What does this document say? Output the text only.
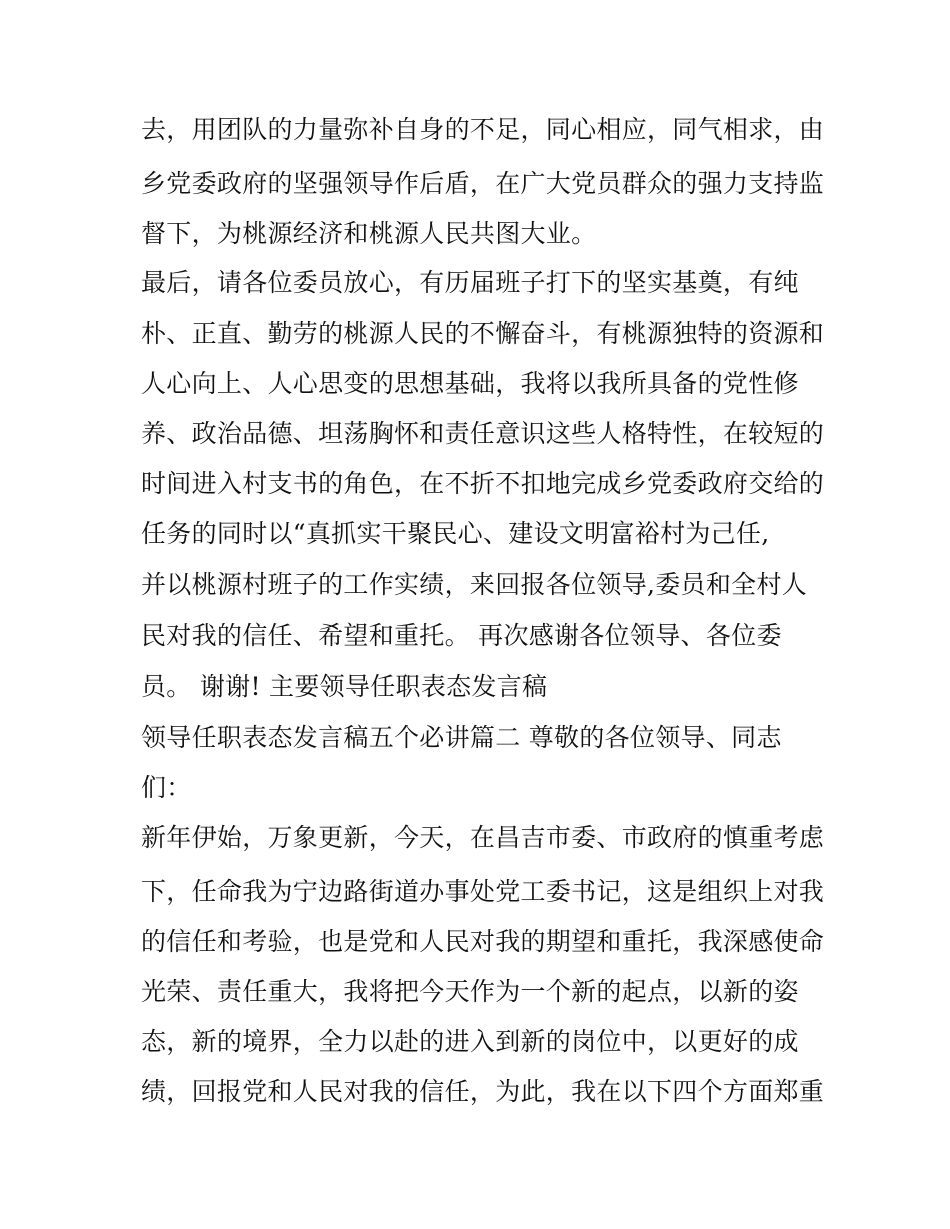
去，用团队的力量弥补自身的不足，同心相应，同气相求，由
乡党委政府的坚强领导作后盾，在广大党员群众的强力支持监
督下，为桃源经济和桃源人民共图大业。
最后，请各位委员放心，有历届班子打下的坚实基奠，有纯
朴、正直、勤劳的桃源人民的不懈奋斗，有桃源独特的资源和
人心向上、人心思变的思想基础，我将以我所具备的党性修
养、政治品德、坦荡胸怀和责任意识这些人格特性，在较短的
时间进入村支书的角色，在不折不扣地完成乡党委政府交给的
任务的同时以“真抓实干聚民心、建设文明富裕村为己任,
并以桃源村班子的工作实绩，来回报各位领导,委员和全村人
民对我的信任、希望和重托。 再次感谢各位领导、各位委
员。 谢谢! 主要领导任职表态发言稿
领导任职表态发言稿五个必讲篇二 尊敬的各位领导、同志
们：
新年伊始，万象更新，今天，在昌吉市委、市政府的慎重考虑
下，任命我为宁边路街道办事处党工委书记，这是组织上对我
的信任和考验，也是党和人民对我的期望和重托，我深感使命
光荣、责任重大，我将把今天作为一个新的起点，以新的姿
态，新的境界，全力以赴的进入到新的岗位中，以更好的成
绩，回报党和人民对我的信任，为此，我在以下四个方面郑重
